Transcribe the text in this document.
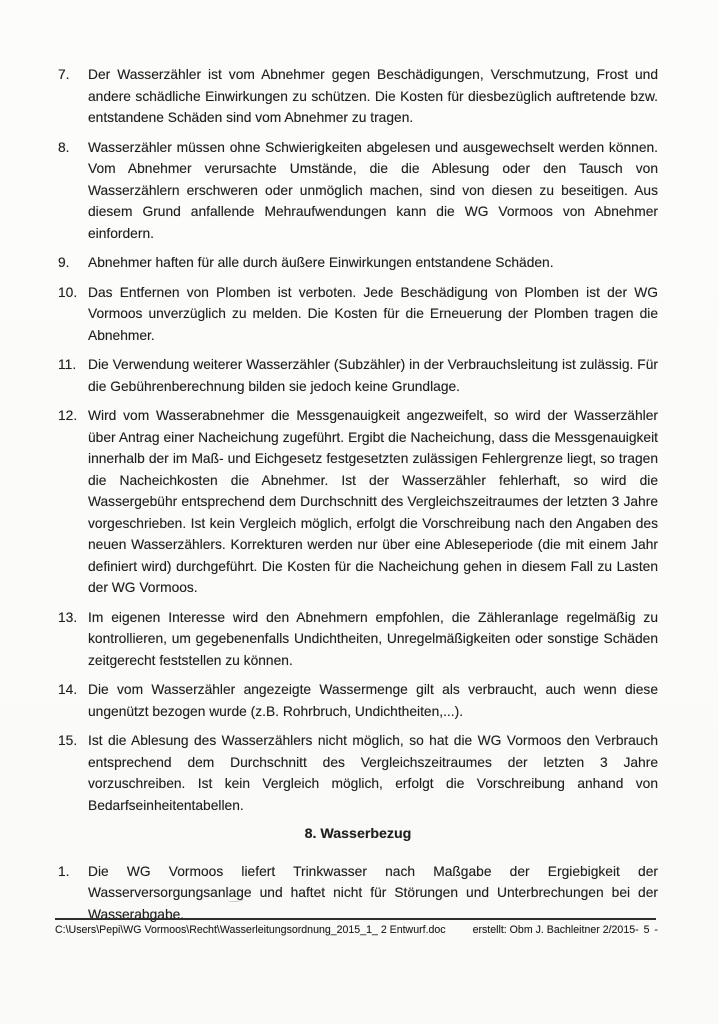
7.	Der Wasserzähler ist vom Abnehmer gegen Beschädigungen, Verschmutzung, Frost und andere schädliche Einwirkungen zu schützen. Die Kosten für diesbezüglich auftretende bzw. entstandene Schäden sind vom Abnehmer zu tragen.

8.	Wasserzähler müssen ohne Schwierigkeiten abgelesen und ausgewechselt werden können. Vom Abnehmer verursachte Umstände, die die Ablesung oder den Tausch von Wasserzählern erschweren oder unmöglich machen, sind von diesen zu beseitigen. Aus diesem Grund anfallende Mehraufwendungen kann die WG Vormoos von Abnehmer einfordern.

9.	Abnehmer haften für alle durch äußere Einwirkungen entstandene Schäden.

10. Das Entfernen von Plomben ist verboten. Jede Beschädigung von Plomben ist der WG Vormoos unverzüglich zu melden. Die Kosten für die Erneuerung der Plomben tragen die Abnehmer.

11. Die Verwendung weiterer Wasserzähler (Subzähler) in der Verbrauchsleitung ist zulässig. Für die Gebührenberechnung bilden sie jedoch keine Grundlage.

12. Wird vom Wasserabnehmer die Messgenauigkeit angezweifelt, so wird der Wasserzähler über Antrag einer Nacheichung zugeführt. Ergibt die Nacheichung, dass die Messgenauigkeit innerhalb der im Maß- und Eichgesetz festgesetzten zulässigen Fehlergrenze liegt, so tragen die Nacheichkosten die Abnehmer. Ist der Wasserzähler fehlerhaft, so wird die Wassergebühr entsprechend dem Durchschnitt des Vergleichszeitraumes der letzten 3 Jahre vorgeschrieben. Ist kein Vergleich möglich, erfolgt die Vorschreibung nach den Angaben des neuen Wasserzählers. Korrekturen werden nur über eine Ableseperiode (die mit einem Jahr definiert wird) durchgeführt. Die Kosten für die Nacheichung gehen in diesem Fall zu Lasten der WG Vormoos.

13. Im eigenen Interesse wird den Abnehmern empfohlen, die Zähleranlage regelmäßig zu kontrollieren, um gegebenenfalls Undichtheiten, Unregelmäßigkeiten oder sonstige Schäden zeitgerecht feststellen zu können.

14. Die vom Wasserzähler angezeigte Wassermenge gilt als verbraucht, auch wenn diese ungenützt bezogen wurde (z.B. Rohrbruch, Undichtheiten,...).

15. Ist die Ablesung des Wasserzählers nicht möglich, so hat die WG Vormoos den Verbrauch entsprechend dem Durchschnitt des Vergleichszeitraumes der letzten 3 Jahre vorzuschreiben. Ist kein Vergleich möglich, erfolgt die Vorschreibung anhand von Bedarfseinheitentabellen.

8. Wasserbezug
1.	Die WG Vormoos liefert Trinkwasser nach Maßgabe der Ergiebigkeit der Wasserversorgungsanlage und haftet nicht für Störungen und Unterbrechungen bei der Wasserabgabe.

C:\Users\Pepi\WG Vormoos\Recht\Wasserleitungsordnung_2015_1_ 2 Entwurf.doc	erstellt: Obm J. Bachleitner 2/2015 - 5 -
